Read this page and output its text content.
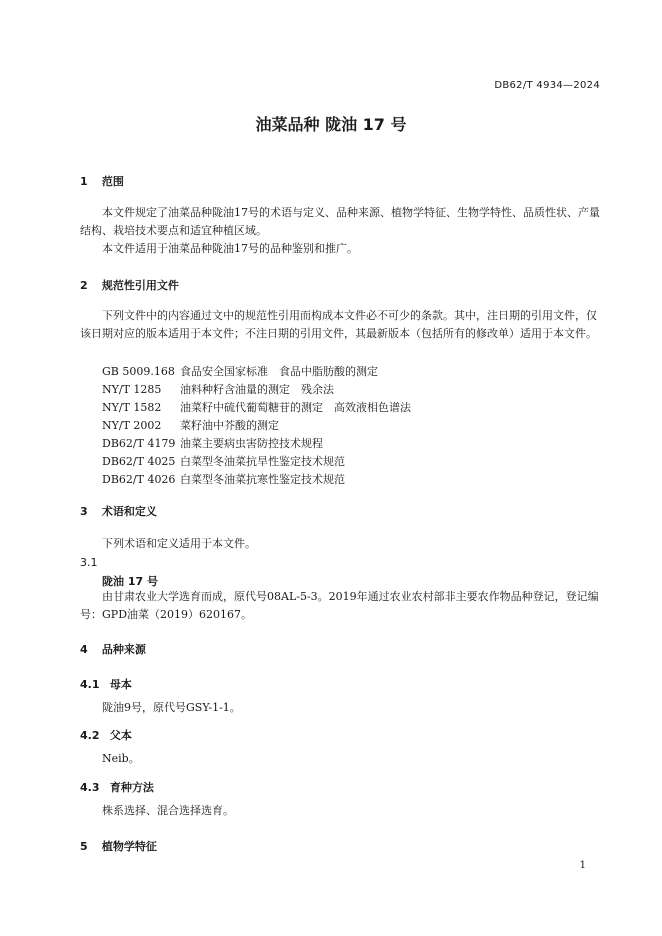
DB62/T 4934—2024
油菜品种 陇油 17 号
1 范围

本文件规定了油菜品种陇油17号的术语与定义、品种来源、植物学特征、生物学特性、品质性状、产量结构、栽培技术要点和适宜种植区域。

本文件适用于油菜品种陇油17号的品种鉴别和推广。

2 规范性引用文件

下列文件中的内容通过文中的规范性引用而构成本文件必不可少的条款。其中，注日期的引用文件，仅该日期对应的版本适用于本文件；不注日期的引用文件，其最新版本（包括所有的修改单）适用于本文件。

GB 5009.168 食品安全国家标准　食品中脂肪酸的测定
NY/T 1285 油料种籽含油量的测定　残余法
NY/T 1582 油菜籽中硫代葡萄糖苷的测定　高效液相色谱法
NY/T 2002 菜籽油中芥酸的测定
DB62/T 4179 油菜主要病虫害防控技术规程
DB62/T 4025 白菜型冬油菜抗旱性鉴定技术规范
DB62/T 4026 白菜型冬油菜抗寒性鉴定技术规范
3 术语和定义

下列术语和定义适用于本文件。

3.1
陇油 17 号

由甘肃农业大学选育而成，原代号08AL-5-3。2019年通过农业农村部非主要农作物品种登记，登记编号：GPD油菜（2019）620167。

4 品种来源
4.1 母本

陇油9号，原代号GSY-1-1。

4.2 父本

Neib。

4.3 育种方法

株系选择、混合选择选育。

5 植物学特征
1
